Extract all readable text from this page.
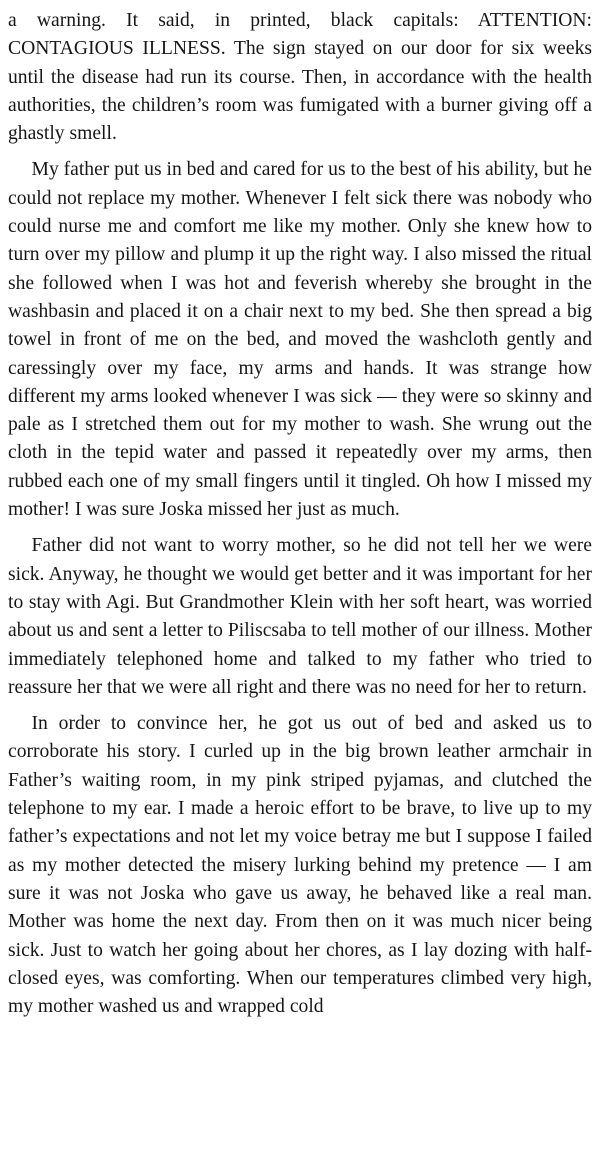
a warning. It said, in printed, black capitals: ATTENTION: CONTAGIOUS ILLNESS. The sign stayed on our door for six weeks until the disease had run its course. Then, in accordance with the health authorities, the children’s room was fumigated with a burner giving off a ghastly smell.

My father put us in bed and cared for us to the best of his ability, but he could not replace my mother. Whenever I felt sick there was nobody who could nurse me and comfort me like my mother. Only she knew how to turn over my pillow and plump it up the right way. I also missed the ritual she followed when I was hot and feverish whereby she brought in the washbasin and placed it on a chair next to my bed. She then spread a big towel in front of me on the bed, and moved the washcloth gently and caressingly over my face, my arms and hands. It was strange how different my arms looked whenever I was sick — they were so skinny and pale as I stretched them out for my mother to wash. She wrung out the cloth in the tepid water and passed it repeatedly over my arms, then rubbed each one of my small fingers until it tingled. Oh how I missed my mother! I was sure Joska missed her just as much.

Father did not want to worry mother, so he did not tell her we were sick. Anyway, he thought we would get better and it was important for her to stay with Agi. But Grandmother Klein with her soft heart, was worried about us and sent a letter to Piliscsaba to tell mother of our illness. Mother immediately telephoned home and talked to my father who tried to reassure her that we were all right and there was no need for her to return.

In order to convince her, he got us out of bed and asked us to corroborate his story. I curled up in the big brown leather armchair in Father’s waiting room, in my pink striped pyjamas, and clutched the telephone to my ear. I made a heroic effort to be brave, to live up to my father’s expectations and not let my voice betray me but I suppose I failed as my mother detected the misery lurking behind my pretence — I am sure it was not Joska who gave us away, he behaved like a real man. Mother was home the next day. From then on it was much nicer being sick. Just to watch her going about her chores, as I lay dozing with half-closed eyes, was comforting. When our temperatures climbed very high, my mother washed us and wrapped cold
